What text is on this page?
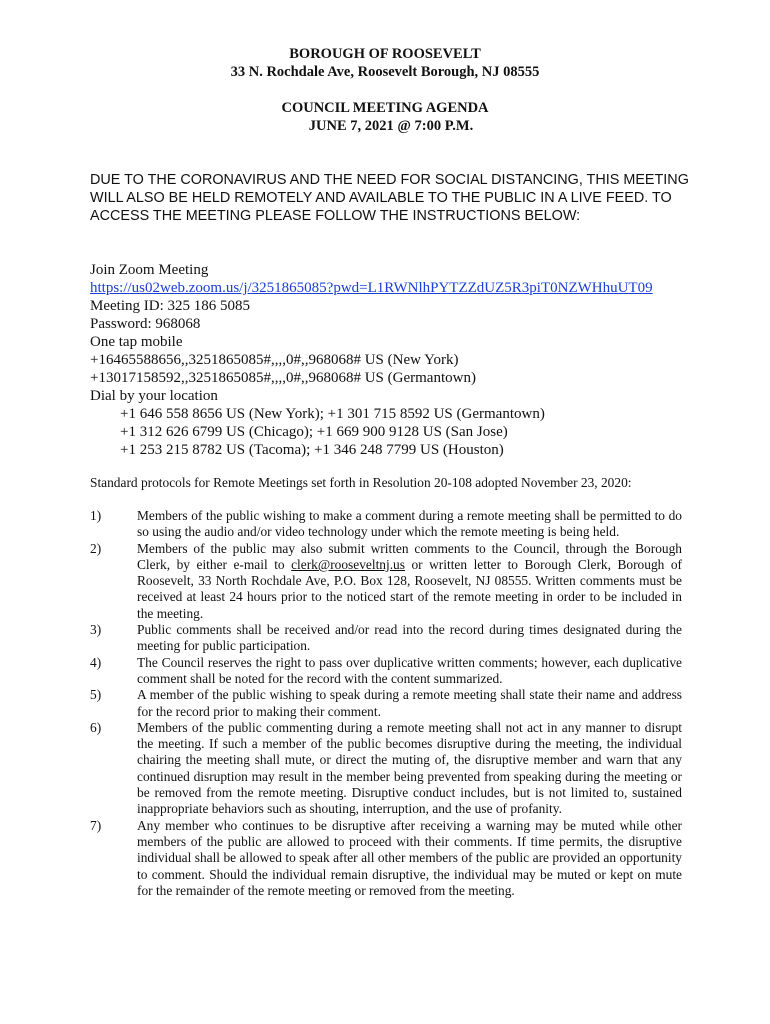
BOROUGH OF ROOSEVELT
33 N. Rochdale Ave, Roosevelt Borough, NJ 08555
COUNCIL MEETING AGENDA
JUNE 7, 2021 @ 7:00 P.M.
DUE TO THE CORONAVIRUS AND THE NEED FOR SOCIAL DISTANCING, THIS MEETING WILL ALSO BE HELD REMOTELY AND AVAILABLE TO THE PUBLIC IN A LIVE FEED. TO ACCESS THE MEETING PLEASE FOLLOW THE INSTRUCTIONS BELOW:
Join Zoom Meeting
https://us02web.zoom.us/j/3251865085?pwd=L1RWNlhPYTZZdUZ5R3piT0NZWHhuUT09
Meeting ID: 325 186 5085
Password: 968068
One tap mobile
+16465588656,,3251865085#,,,,0#,,968068# US (New York)
+13017158592,,3251865085#,,,,0#,,968068# US (Germantown)
Dial by your location
+1 646 558 8656 US (New York); +1 301 715 8592 US (Germantown)
+1 312 626 6799 US (Chicago); +1 669 900 9128 US (San Jose)
+1 253 215 8782 US (Tacoma); +1 346 248 7799 US (Houston)
Standard protocols for Remote Meetings set forth in Resolution 20-108 adopted November 23, 2020:
1)	Members of the public wishing to make a comment during a remote meeting shall be permitted to do so using the audio and/or video technology under which the remote meeting is being held.
2)	Members of the public may also submit written comments to the Council, through the Borough Clerk, by either e-mail to clerk@rooseveltnj.us or written letter to Borough Clerk, Borough of Roosevelt, 33 North Rochdale Ave, P.O. Box 128, Roosevelt, NJ 08555. Written comments must be received at least 24 hours prior to the noticed start of the remote meeting in order to be included in the meeting.
3)	Public comments shall be received and/or read into the record during times designated during the meeting for public participation.
4)	The Council reserves the right to pass over duplicative written comments; however, each duplicative comment shall be noted for the record with the content summarized.
5)	A member of the public wishing to speak during a remote meeting shall state their name and address for the record prior to making their comment.
6)	Members of the public commenting during a remote meeting shall not act in any manner to disrupt the meeting. If such a member of the public becomes disruptive during the meeting, the individual chairing the meeting shall mute, or direct the muting of, the disruptive member and warn that any continued disruption may result in the member being prevented from speaking during the meeting or be removed from the remote meeting. Disruptive conduct includes, but is not limited to, sustained inappropriate behaviors such as shouting, interruption, and the use of profanity.
7)	Any member who continues to be disruptive after receiving a warning may be muted while other members of the public are allowed to proceed with their comments. If time permits, the disruptive individual shall be allowed to speak after all other members of the public are provided an opportunity to comment. Should the individual remain disruptive, the individual may be muted or kept on mute for the remainder of the remote meeting or removed from the meeting.
